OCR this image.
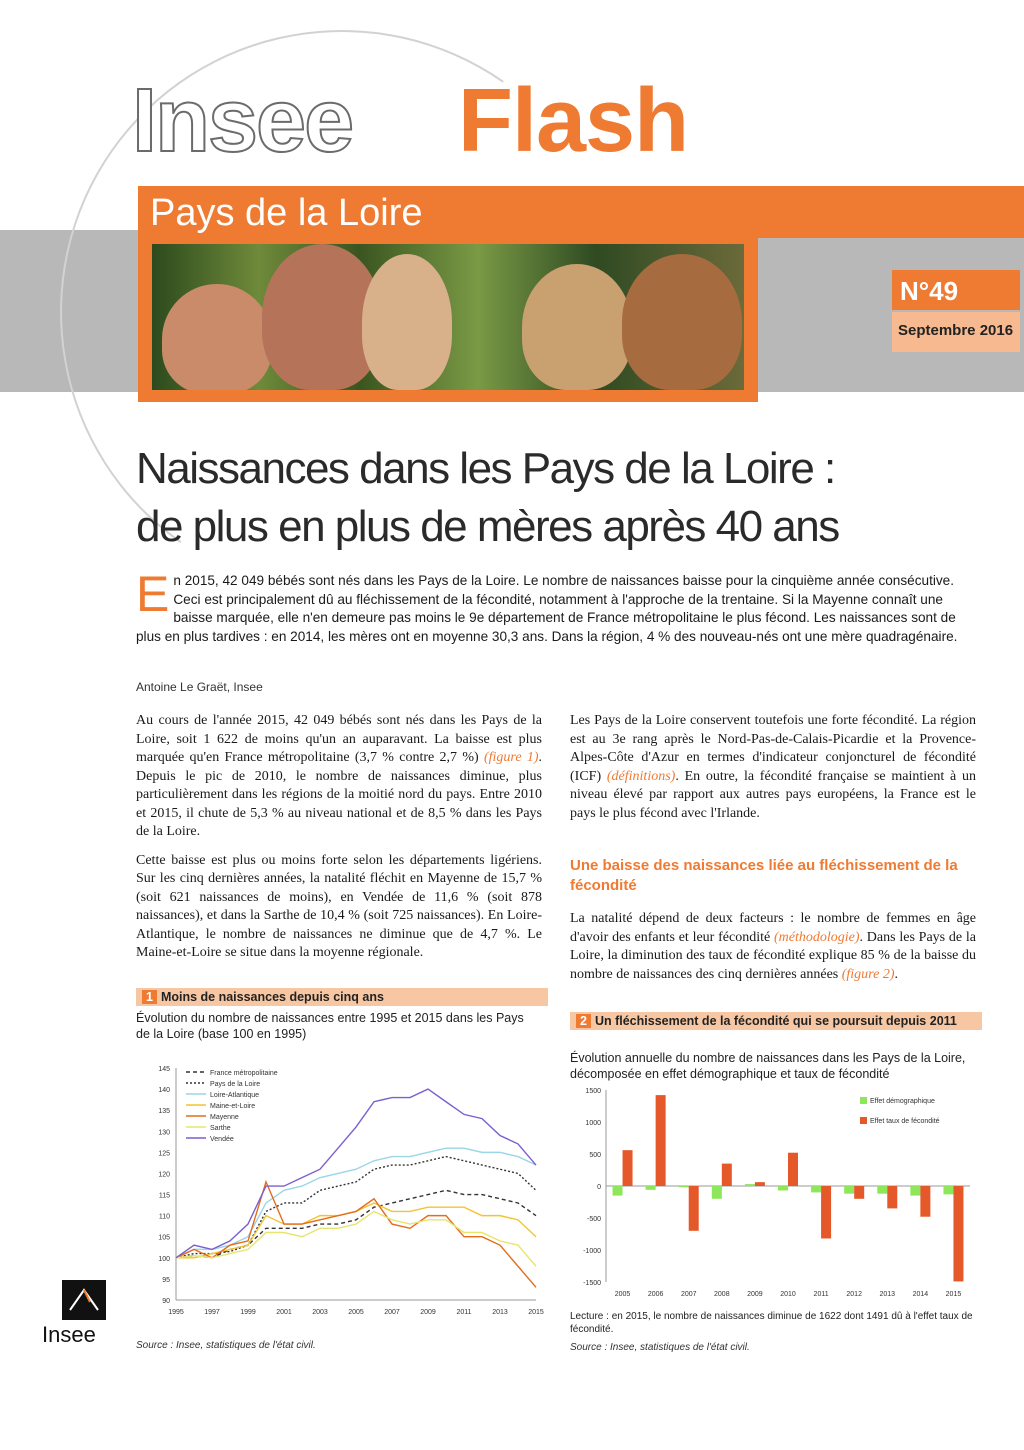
Insee Flash
Pays de la Loire
N°49
Septembre 2016
Naissances dans les Pays de la Loire :
de plus en plus de mères après 40 ans
En 2015, 42 049 bébés sont nés dans les Pays de la Loire. Le nombre de naissances baisse pour la cinquième année consécutive. Ceci est principalement dû au fléchissement de la fécondité, notamment à l'approche de la trentaine. Si la Mayenne connaît une baisse marquée, elle n'en demeure pas moins le 9e département de France métropolitaine le plus fécond. Les naissances sont de plus en plus tardives : en 2014, les mères ont en moyenne 30,3 ans. Dans la région, 4 % des nouveau-nés ont une mère quadragénaire.
Antoine Le Graët, Insee

Au cours de l'année 2015, 42 049 bébés sont nés dans les Pays de la Loire, soit 1 622 de moins qu'un an auparavant. La baisse est plus marquée qu'en France métropolitaine (3,7 % contre 2,7 %) (figure 1). Depuis le pic de 2010, le nombre de naissances diminue, plus particulièrement dans les régions de la moitié nord du pays. Entre 2010 et 2015, il chute de 5,3 % au niveau national et de 8,5 % dans les Pays de la Loire.

Cette baisse est plus ou moins forte selon les départements ligériens. Sur les cinq dernières années, la natalité fléchit en Mayenne de 15,7 % (soit 621 naissances de moins), en Vendée de 11,6 % (soit 878 naissances), et dans la Sarthe de 10,4 % (soit 725 naissances). En Loire-Atlantique, le nombre de naissances ne diminue que de 4,7 %. Le Maine-et-Loire se situe dans la moyenne régionale.

Les Pays de la Loire conservent toutefois une forte fécondité. La région est au 3e rang après le Nord-Pas-de-Calais-Picardie et la Provence-Alpes-Côte d'Azur en termes d'indicateur conjoncturel de fécondité (ICF) (définitions). En outre, la fécondité française se maintient à un niveau élevé par rapport aux autres pays européens, la France est le pays le plus fécond avec l'Irlande.

Une baisse des naissances liée au fléchissement de la fécondité

La natalité dépend de deux facteurs : le nombre de femmes en âge d'avoir des enfants et leur fécondité (méthodologie). Dans les Pays de la Loire, la diminution des taux de fécondité explique 85 % de la baisse du nombre de naissances des cinq dernières années (figure 2).

1 Moins de naissances depuis cinq ans
Évolution du nombre de naissances entre 1995 et 2015 dans les Pays de la Loire (base 100 en 1995)
90
95
100
105
110
115
120
125
130
135
140
145
1995	1997	1999	2001	2003	2005	2007	2009	2011	2013	2015
France métropolitaine
Pays de la Loire
Loire-Atlantique
Maine-et-Loire
Mayenne
Sarthe
Vendée
Source : Insee, statistiques de l'état civil.
2 Un fléchissement de la fécondité qui se poursuit depuis 2011
Évolution annuelle du nombre de naissances dans les Pays de la Loire, décomposée en effet démographique et taux de fécondité
-1500
-1000
-500
0
500
1000
1500
2005	2006	2007	2008	2009	2010	2011	2012	2013	2014	2015
Effet démographique
Effet taux de fécondité
Lecture : en 2015, le nombre de naissances diminue de 1622 dont 1491 dû à l'effet taux de fécondité.
Source : Insee, statistiques de l'état civil.
Insee
